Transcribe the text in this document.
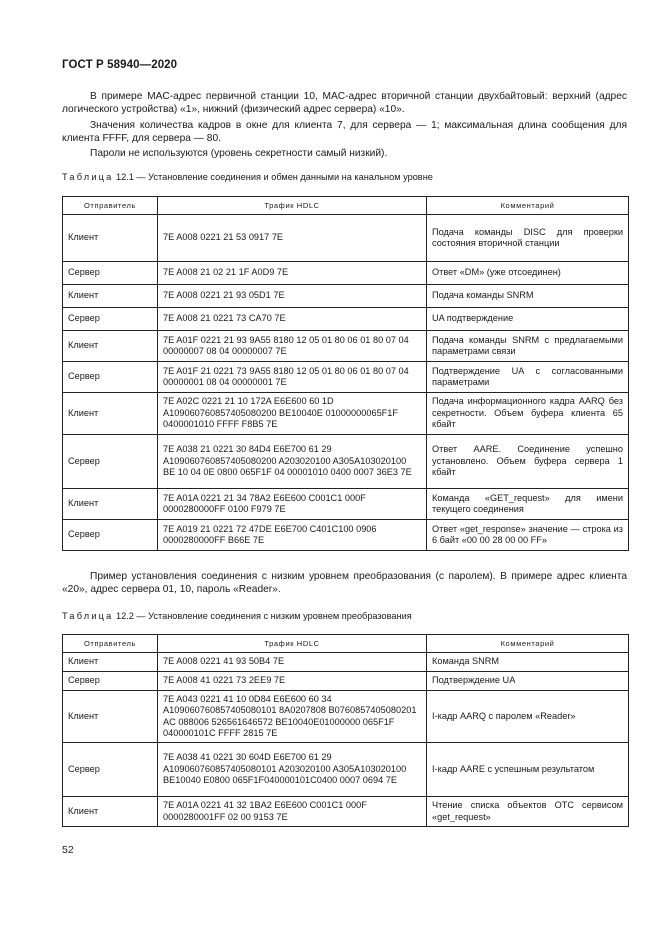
ГОСТ Р 58940—2020
В примере MAC-адрес первичной станции 10, MAC-адрес вторичной станции двухбайтовый: верхний (адрес логического устройства) «1», нижний (физический адрес сервера) «10».
Значения количества кадров в окне для клиента 7, для сервера — 1; максимальная длина сообщения для клиента FFFF, для сервера — 80.
Пароли не используются (уровень секретности самый низкий).
Таблица 12.1 — Установление соединения и обмен данными на канальном уровне
Отправитель	Трафик HDLC	Комментарий
Клиент	7E A008 0221 21 53 0917 7E	Подача команды DISC для проверки состояния вторичной станции
Сервер	7E A008 21 02 21 1F A0D9 7E	Ответ «DM» (уже отсоединен)
Клиент	7E A008 0221 21 93 05D1 7E	Подача команды SNRM
Сервер	7E A008 21 0221 73 CA70 7E	UA подтверждение
Клиент	7E A01F 0221 21 93 9A55 8180 12 05 01 80 06 01 80 07 04 00000007 08 04 00000007 7E	Подача команды SNRM с предлагаемыми параметрами связи
Сервер	7E A01F 21 0221 73 9A55 8180 12 05 01 80 06 01 80 07 04 00000001 08 04 00000001 7E	Подтверждение UA с согласованными параметрами
Клиент	7E A02C 0221 21 10 172A E6E600 60 1D A109060760857405080200 BE10040E 01000000065F1F 0400001010 FFFF F8B5 7E	Подача информационного кадра AARQ без секретности. Объем буфера клиента 65 кбайт
Сервер	7E A038 21 0221 30 84D4 E6E700 61 29 A109060760857405080200 A203020100 A305A103020100 BE 10 04 0E 0800 065F1F 04 00001010 0400 0007 36E3 7E	Ответ AARE. Соединение успешно установлено. Объем буфера сервера 1 кбайт
Клиент	7E A01A 0221 21 34 78A2 E6E600 C001C1 000F 0000280000FF 0100 F979 7E	Команда «GET_request» для имени текущего соединения
Сервер	7E A019 21 0221 72 47DE E6E700 C401C100 0906 0000280000FF B66E 7E	Ответ «get_response» значение — строка из 6 байт «00 00 28 00 00 FF»
Пример установления соединения с низким уровнем преобразования (с паролем). В примере адрес клиента «20», адрес сервера 01, 10, пароль «Reader».
Таблица 12.2 — Установление соединения с низким уровнем преобразования
Отправитель	Трафик HDLC	Комментарий
Клиент	7E A008 0221 41 93 50B4 7E	Команда SNRM
Сервер	7E A008 41 0221 73 2EE9 7E	Подтверждение UA
Клиент	7E A043 0221 41 10 0D84 E6E600 60 34 A109060760857405080101 8A0207808 B0760857405080201 AC 088006 526561646572 BE10040E01000000 065F1F 040000101C FFFF 2815 7E	I-кадр AARQ с паролем «Reader»
Сервер	7E A038 41 0221 30 604D E6E700 61 29 A109060760857405080101 A203020100 A305A103020100 BE10040 E0800 065F1F040000101C0400 0007 0694 7E	I-кадр AARE с успешным результатом
Клиент	7E A01A 0221 41 32 1BA2 E6E600 C001C1 000F 0000280001FF 02 00 9153 7E	Чтение списка объектов ОТС сервисом «get_request»
52
